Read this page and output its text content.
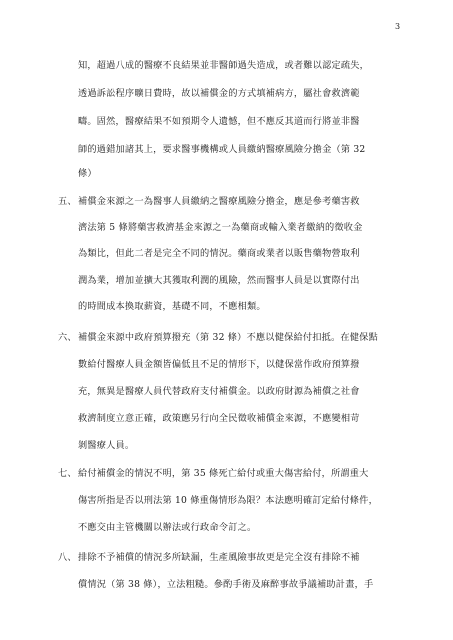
3
知，超過八成的醫療不良結果並非醫師過失造成，或者難以認定疏失，
透過訴訟程序曠日費時，故以補償金的方式填補病方，屬社會救濟範
疇。固然，醫療結果不如預期令人遺憾，但不應反其道而行將並非醫
師的過錯加諸其上，要求醫事機構或人員繳納醫療風險分擔金（第 32
條）
五、 補償金來源之一為醫事人員繳納之醫療風險分擔金，應是參考藥害救
濟法第 5 條將藥害救濟基金來源之一為藥商或輸入業者繳納的徵收金
為類比，但此二者是完全不同的情況。藥商或業者以販售藥物營取利
潤為業，增加並擴大其獲取利潤的風險，然而醫事人員是以實際付出
的時間成本換取薪資，基礎不同，不應相類。
六、 補償金來源中政府預算撥充（第 32 條）不應以健保給付扣抵。在健保點
數給付醫療人員金額皆偏低且不足的情形下，以健保當作政府預算撥
充，無異是醫療人員代替政府支付補償金。以政府財源為補償之社會
救濟制度立意正確，政策應另行向全民徵收補償金來源，不應變相苛
剝醫療人員。
七、 給付補償金的情況不明，第 35 條死亡給付或重大傷害給付，所謂重大
傷害所指是否以刑法第 10 條重傷情形為限？本法應明確訂定給付條件，
不應交由主管機關以辦法或行政命令訂之。
八、 排除不予補償的情況多所缺漏，生產風險事故更是完全沒有排除不補
償情況（第 38 條），立法粗糙。參酌手術及麻醉事故爭議補助計畫，手
